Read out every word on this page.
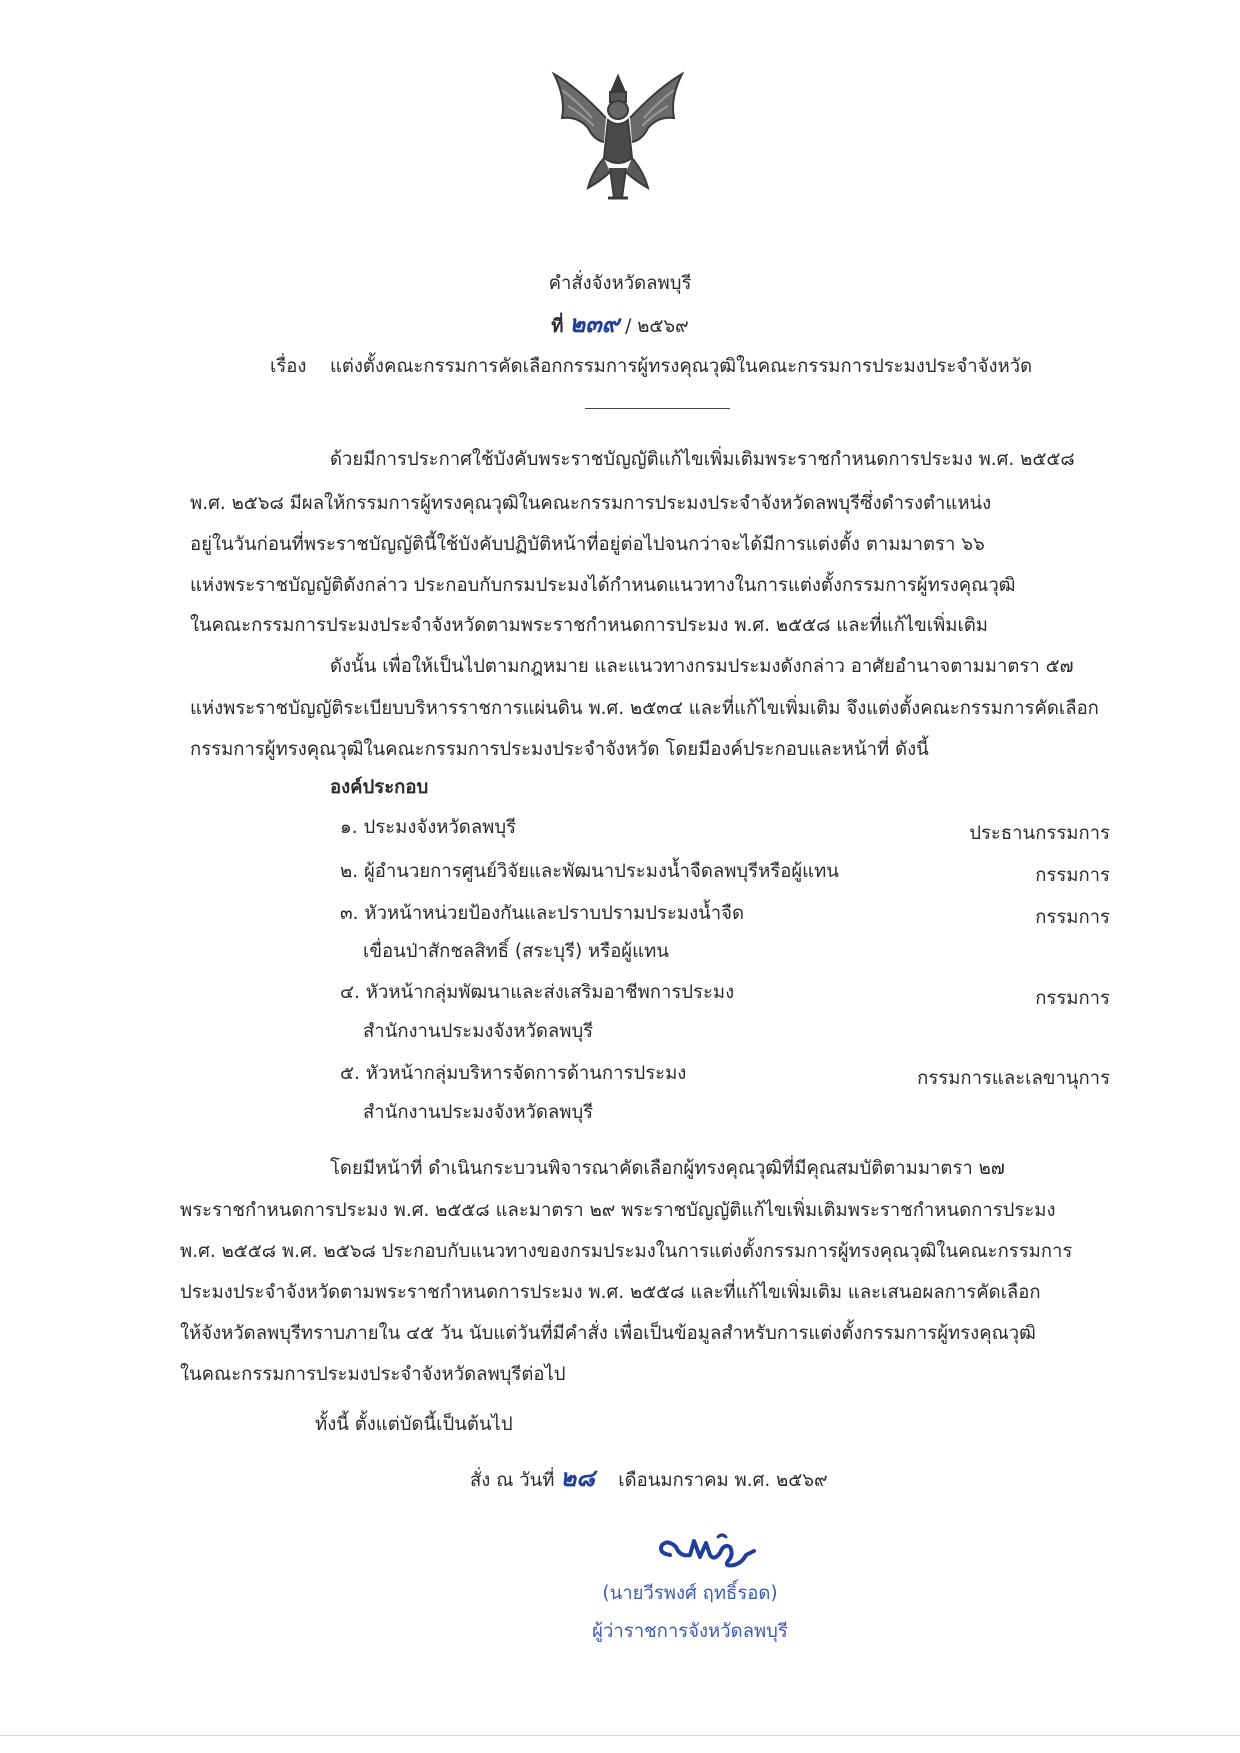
คำสั่งจังหวัดลพบุรี
ที่ ๒๓๙ / ๒๕๖๙
เรื่อง แต่งตั้งคณะกรรมการคัดเลือกกรรมการผู้ทรงคุณวุฒิในคณะกรรมการประมงประจำจังหวัด
ด้วยมีการประกาศใช้บังคับพระราชบัญญัติแก้ไขเพิ่มเติมพระราชกำหนดการประมง พ.ศ. ๒๕๕๘
พ.ศ. ๒๕๖๘ มีผลให้กรรมการผู้ทรงคุณวุฒิในคณะกรรมการประมงประจำจังหวัดลพบุรีซึ่งดำรงตำแหน่ง
อยู่ในวันก่อนที่พระราชบัญญัตินี้ใช้บังคับปฏิบัติหน้าที่อยู่ต่อไปจนกว่าจะได้มีการแต่งตั้ง ตามมาตรา ๖๖
แห่งพระราชบัญญัติดังกล่าว ประกอบกับกรมประมงได้กำหนดแนวทางในการแต่งตั้งกรรมการผู้ทรงคุณวุฒิ
ในคณะกรรมการประมงประจำจังหวัดตามพระราชกำหนดการประมง พ.ศ. ๒๕๕๘ และที่แก้ไขเพิ่มเติม
ดังนั้น เพื่อให้เป็นไปตามกฎหมาย และแนวทางกรมประมงดังกล่าว อาศัยอำนาจตามมาตรา ๕๗
แห่งพระราชบัญญัติระเบียบบริหารราชการแผ่นดิน พ.ศ. ๒๕๓๔ และที่แก้ไขเพิ่มเติม จึงแต่งตั้งคณะกรรมการคัดเลือก
กรรมการผู้ทรงคุณวุฒิในคณะกรรมการประมงประจำจังหวัด โดยมีองค์ประกอบและหน้าที่ ดังนี้
องค์ประกอบ
๑. ประมงจังหวัดลพบุรี	ประธานกรรมการ
๒. ผู้อำนวยการศูนย์วิจัยและพัฒนาประมงน้ำจืดลพบุรีหรือผู้แทน	กรรมการ
๓. หัวหน้าหน่วยป้องกันและปราบปรามประมงน้ำจืด	กรรมการ
เขื่อนป่าสักชลสิทธิ์ (สระบุรี) หรือผู้แทน
๔. หัวหน้ากลุ่มพัฒนาและส่งเสริมอาชีพการประมง	กรรมการ
สำนักงานประมงจังหวัดลพบุรี
๕. หัวหน้ากลุ่มบริหารจัดการด้านการประมง	กรรมการและเลขานุการ
สำนักงานประมงจังหวัดลพบุรี
โดยมีหน้าที่ ดำเนินกระบวนพิจารณาคัดเลือกผู้ทรงคุณวุฒิที่มีคุณสมบัติตามมาตรา ๒๗
พระราชกำหนดการประมง พ.ศ. ๒๕๕๘ และมาตรา ๒๙ พระราชบัญญัติแก้ไขเพิ่มเติมพระราชกำหนดการประมง
พ.ศ. ๒๕๕๘ พ.ศ. ๒๕๖๘ ประกอบกับแนวทางของกรมประมงในการแต่งตั้งกรรมการผู้ทรงคุณวุฒิในคณะกรรมการ
ประมงประจำจังหวัดตามพระราชกำหนดการประมง พ.ศ. ๒๕๕๘ และที่แก้ไขเพิ่มเติม และเสนอผลการคัดเลือก
ให้จังหวัดลพบุรีทราบภายใน ๔๕ วัน นับแต่วันที่มีคำสั่ง เพื่อเป็นข้อมูลสำหรับการแต่งตั้งกรรมการผู้ทรงคุณวุฒิ
ในคณะกรรมการประมงประจำจังหวัดลพบุรีต่อไป
ทั้งนี้ ตั้งแต่บัดนี้เป็นต้นไป
สั่ง ณ วันที่ ๒๘ เดือนมกราคม พ.ศ. ๒๕๖๙
(นายวีรพงศ์ ฤทธิ์รอด)
ผู้ว่าราชการจังหวัดลพบุรี
